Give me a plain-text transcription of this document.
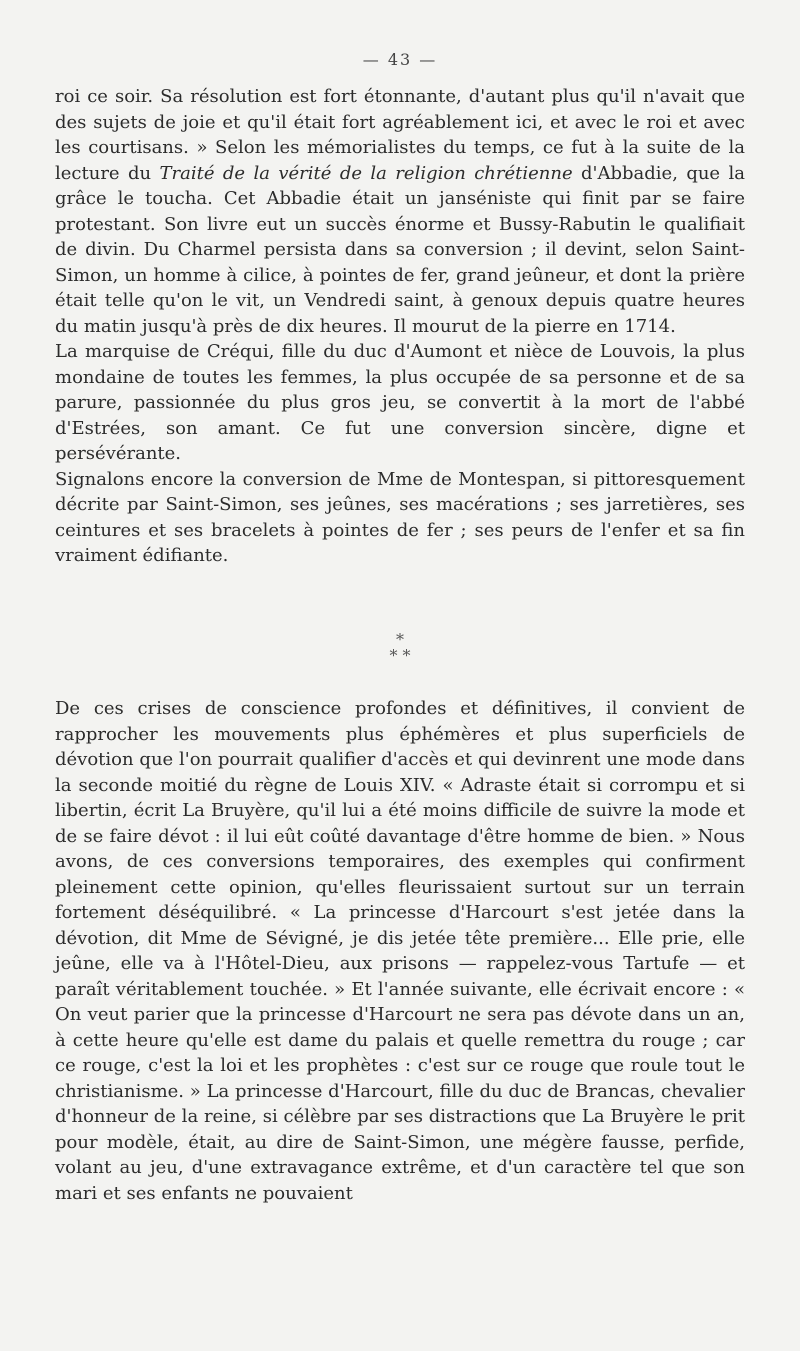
— 43 —

roi ce soir. Sa résolution est fort étonnante, d'autant plus qu'il n'avait que des sujets de joie et qu'il était fort agréablement ici, et avec le roi et avec les courtisans. » Selon les mémorialistes du temps, ce fut à la suite de la lecture du Traité de la vérité de la religion chrétienne d'Abbadie, que la grâce le toucha. Cet Abbadie était un janséniste qui finit par se faire protestant. Son livre eut un succès énorme et Bussy-Rabutin le qualifiait de divin. Du Charmel persista dans sa conversion ; il devint, selon Saint-Simon, un homme à cilice, à pointes de fer, grand jeûneur, et dont la prière était telle qu'on le vit, un Vendredi saint, à genoux depuis quatre heures du matin jusqu'à près de dix heures. Il mourut de la pierre en 1714.

La marquise de Créqui, fille du duc d'Aumont et nièce de Louvois, la plus mondaine de toutes les femmes, la plus occupée de sa personne et de sa parure, passionnée du plus gros jeu, se convertit à la mort de l'abbé d'Estrées, son amant. Ce fut une conversion sincère, digne et persévérante.

Signalons encore la conversion de Mme de Montespan, si pittoresquement décrite par Saint-Simon, ses jeûnes, ses macérations ; ses jarretières, ses ceintures et ses bracelets à pointes de fer ; ses peurs de l'enfer et sa fin vraiment édifiante.

*
* *

De ces crises de conscience profondes et définitives, il convient de rapprocher les mouvements plus éphémères et plus superficiels de dévotion que l'on pourrait qualifier d'accès et qui devinrent une mode dans la seconde moitié du règne de Louis XIV. « Adraste était si corrompu et si libertin, écrit La Bruyère, qu'il lui a été moins difficile de suivre la mode et de se faire dévot : il lui eût coûté davantage d'être homme de bien. » Nous avons, de ces conversions temporaires, des exemples qui confirment pleinement cette opinion, qu'elles fleurissaient surtout sur un terrain fortement déséquilibré. « La princesse d'Harcourt s'est jetée dans la dévotion, dit Mme de Sévigné, je dis jetée tête première... Elle prie, elle jeûne, elle va à l'Hôtel-Dieu, aux prisons — rappelez-vous Tartufe — et paraît véritablement touchée. » Et l'année suivante, elle écrivait encore : « On veut parier que la princesse d'Harcourt ne sera pas dévote dans un an, à cette heure qu'elle est dame du palais et quelle remettra du rouge ; car ce rouge, c'est la loi et les prophètes : c'est sur ce rouge que roule tout le christianisme. » La princesse d'Harcourt, fille du duc de Brancas, chevalier d'honneur de la reine, si célèbre par ses distractions que La Bruyère le prit pour modèle, était, au dire de Saint-Simon, une mégère fausse, perfide, volant au jeu, d'une extravagance extrême, et d'un caractère tel que son mari et ses enfants ne pouvaient
